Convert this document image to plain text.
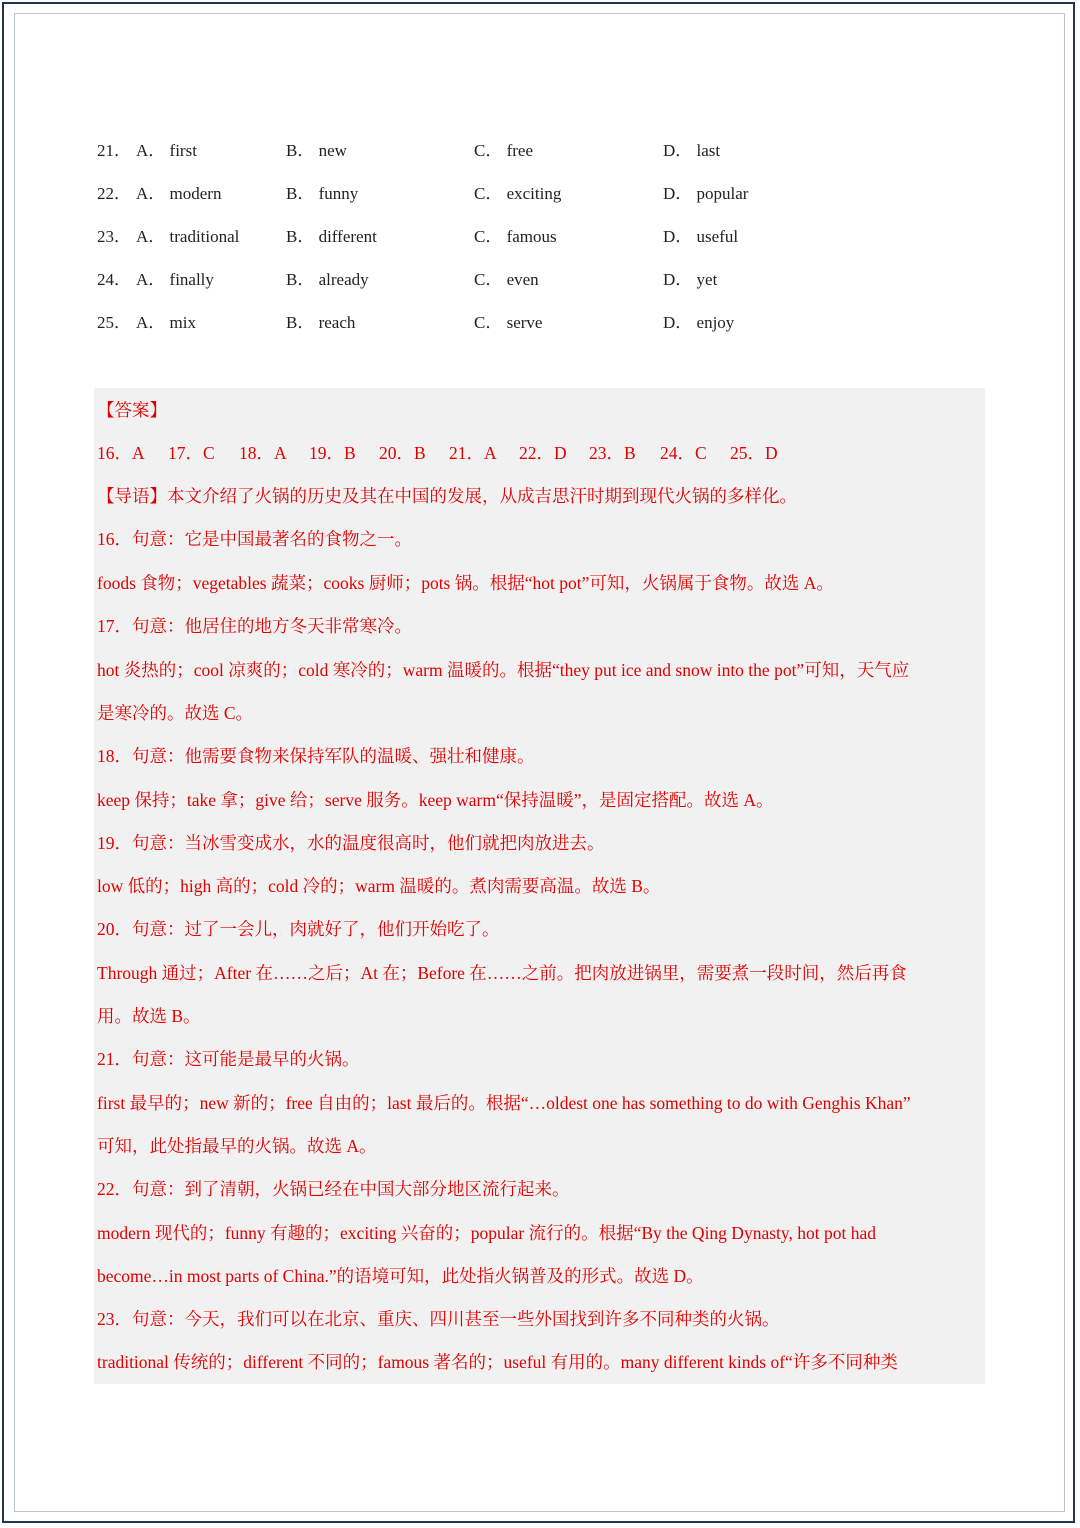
21． A． first	B． new	C． free	D． last
22． A． modern	B． funny	C． exciting	D． popular
23． A． traditional	B． different	C． famous	D． useful
24． A． finally	B． already	C． even	D． yet
25． A． mix	B． reach	C． serve	D． enjoy
【答案】
16．A 17．C 18．A 19．B 20．B 21．A 22．D 23．B 24．C 25．D
【导语】本文介绍了火锅的历史及其在中国的发展，从成吉思汗时期到现代火锅的多样化。
16．句意：它是中国最著名的食物之一。
foods 食物；vegetables 蔬菜；cooks 厨师；pots 锅。根据“hot pot”可知，火锅属于食物。故选 A。
17．句意：他居住的地方冬天非常寒冷。
hot 炎热的；cool 凉爽的；cold 寒冷的；warm 温暖的。根据“they put ice and snow into the pot”可知，天气应
是寒冷的。故选 C。
18．句意：他需要食物来保持军队的温暖、强壮和健康。
keep 保持；take 拿；give 给；serve 服务。keep warm“保持温暖”，是固定搭配。故选 A。
19．句意：当冰雪变成水，水的温度很高时，他们就把肉放进去。
low 低的；high 高的；cold 冷的；warm 温暖的。煮肉需要高温。故选 B。
20．句意：过了一会儿，肉就好了，他们开始吃了。
Through 通过；After 在……之后；At 在；Before 在……之前。把肉放进锅里，需要煮一段时间，然后再食
用。故选 B。
21．句意：这可能是最早的火锅。
first 最早的；new 新的；free 自由的；last 最后的。根据“…oldest one has something to do with Genghis Khan”
可知，此处指最早的火锅。故选 A。
22．句意：到了清朝，火锅已经在中国大部分地区流行起来。
modern 现代的；funny 有趣的；exciting 兴奋的；popular 流行的。根据“By the Qing Dynasty, hot pot had
become…in most parts of China.”的语境可知，此处指火锅普及的形式。故选 D。
23．句意：今天，我们可以在北京、重庆、四川甚至一些外国找到许多不同种类的火锅。
traditional 传统的；different 不同的；famous 著名的；useful 有用的。many different kinds of“许多不同种类
